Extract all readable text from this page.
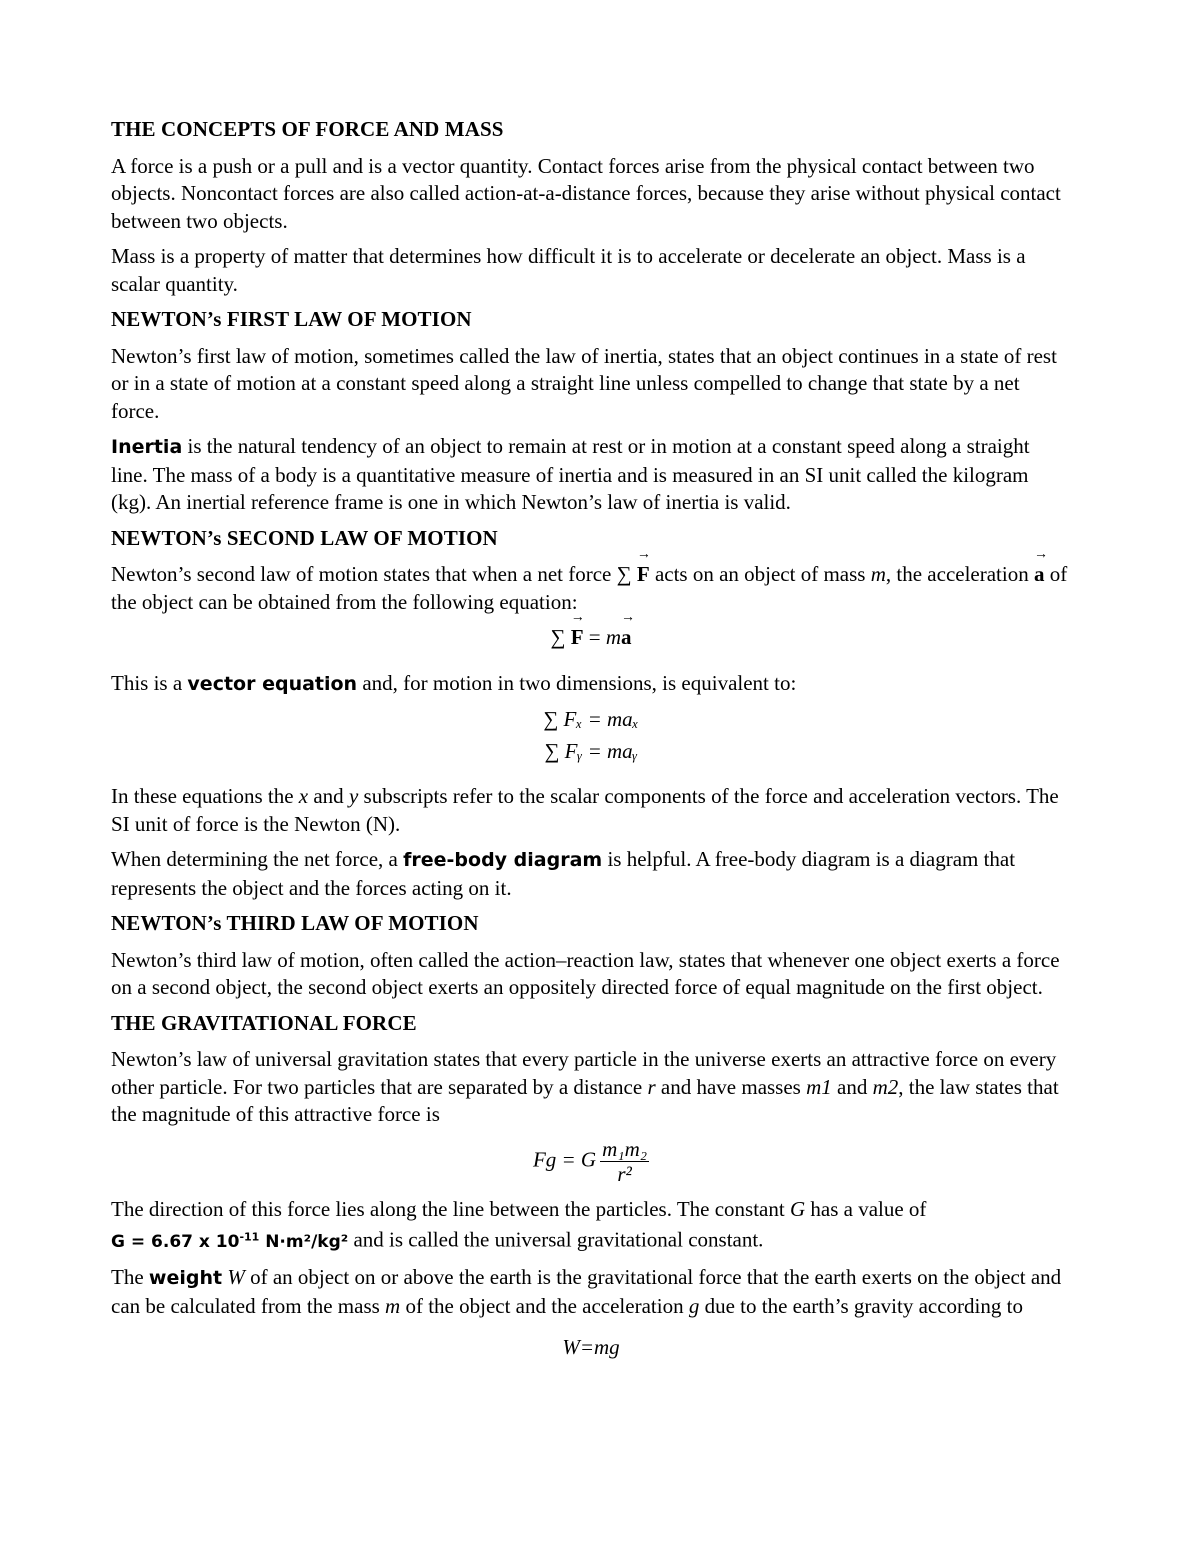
THE CONCEPTS OF FORCE AND MASS

A force is a push or a pull and is a vector quantity. Contact forces arise from the physical contact between two objects. Noncontact forces are also called action-at-a-distance forces, because they arise without physical contact between two objects.

Mass is a property of matter that determines how difficult it is to accelerate or decelerate an object. Mass is a scalar quantity.

NEWTON’s FIRST LAW OF MOTION

Newton’s first law of motion, sometimes called the law of inertia, states that an object continues in a state of rest or in a state of motion at a constant speed along a straight line unless compelled to change that state by a net force.

Inertia is the natural tendency of an object to remain at rest or in motion at a constant speed along a straight line. The mass of a body is a quantitative measure of inertia and is measured in an SI unit called the kilogram (kg). An inertial reference frame is one in which Newton’s law of inertia is valid.

NEWTON’s SECOND LAW OF MOTION

Newton’s second law of motion states that when a net force ∑
→
F acts on an object of mass m, the acceleration
→
a of the object can be obtained from the following equation:

∑
→
F = m
→
a

This is a vector equation and, for motion in two dimensions, is equivalent to:

∑ Fₓ = maₓ
∑ Fᵧ = maᵧ

In these equations the x and y subscripts refer to the scalar components of the force and acceleration vectors. The SI unit of force is the Newton (N).

When determining the net force, a free-body diagram is helpful. A free-body diagram is a diagram that represents the object and the forces acting on it.

NEWTON’s THIRD LAW OF MOTION

Newton’s third law of motion, often called the action–reaction law, states that whenever one object exerts a force on a second object, the second object exerts an oppositely directed force of equal magnitude on the first object.

THE GRAVITATIONAL FORCE

Newton’s law of universal gravitation states that every particle in the universe exerts an attractive force on every other particle. For two particles that are separated by a distance r and have masses m1 and m2, the law states that the magnitude of this attractive force is

Fg = G $\frac{\text{m₁m₂}}{\text{r²}}$

The direction of this force lies along the line between the particles. The constant G has a value of
G = 6.67 x $10^{-11}$ N∙m²/kg² and is called the universal gravitational constant.

The weight W of an object on or above the earth is the gravitational force that the earth exerts on the object and can be calculated from the mass m of the object and the acceleration g due to the earth’s gravity according to

W=mg
